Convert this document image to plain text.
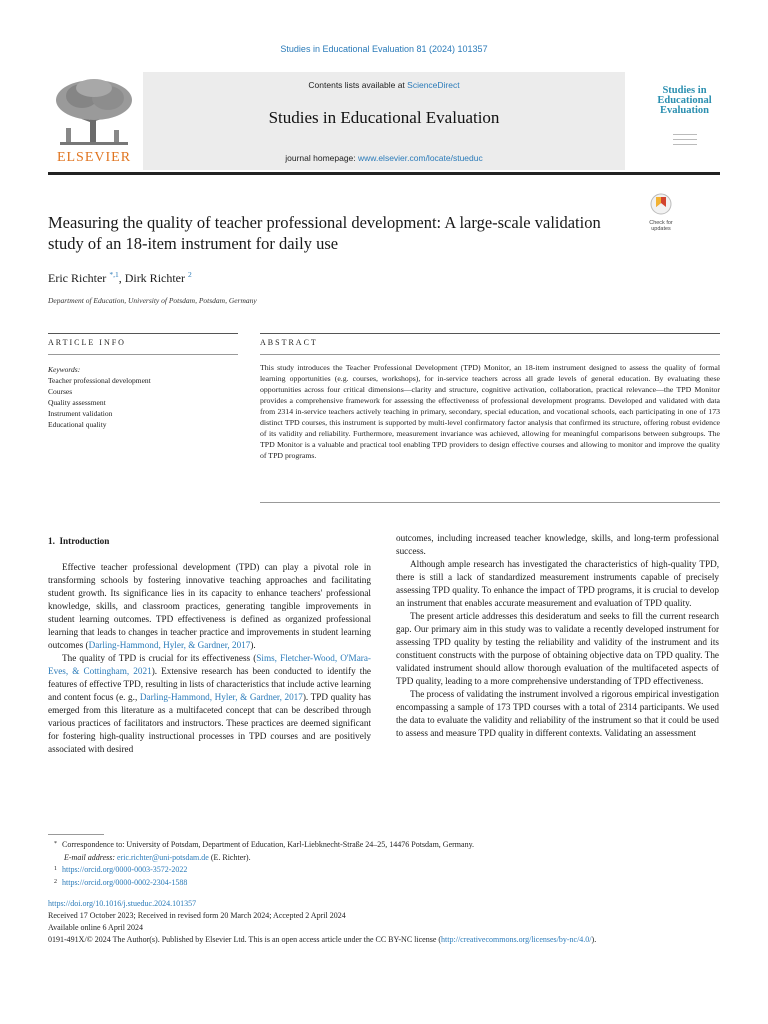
Studies in Educational Evaluation 81 (2024) 101357
ELSEVIER
Contents lists available at ScienceDirect
Studies in Educational Evaluation
journal homepage: www.elsevier.com/locate/stueduc
Studies in
Educational
Evaluation
Measuring the quality of teacher professional development: A large-scale validation study of an 18-item instrument for daily use
Check for
updates
Eric Richter $^{*,1}$, Dirk Richter $^2$
Department of Education, University of Potsdam, Potsdam, Germany
ARTICLE INFO	ABSTRACT
Keywords:
Teacher professional development
Courses
Quality assessment
Instrument validation
Educational quality
This study introduces the Teacher Professional Development (TPD) Monitor, an 18-item instrument designed to assess the quality of formal learning opportunities (e.g. courses, workshops), for in-service teachers across all grade levels of general education. By evaluating these opportunities across four critical dimensions—clarity and structure, cognitive activation, collaboration, practical relevance—the TPD Monitor provides a comprehensive framework for assessing the effectiveness of professional development programs. Developed and validated with data from 2314 in-service teachers actively teaching in primary, secondary, special education, and vocational schools, each participating in one of 173 distinct TPD courses, this instrument is supported by multi-level confirmatory factor analysis that confirmed its structure, offering robust evidence of its validity and reliability. Furthermore, measurement invariance was achieved, allowing for meaningful comparisons between subgroups. The TPD Monitor is a valuable and practical tool enabling TPD providers to design effective courses and allowing to monitor and improve the quality of TPD programs.
1. Introduction

Effective teacher professional development (TPD) can play a pivotal role in transforming schools by fostering innovative teaching approaches and facilitating student growth. Its significance lies in its capacity to enhance teachers' professional knowledge, skills, and classroom practices, generating tangible improvements in student learning outcomes. TPD effectiveness is defined as organized professional learning that leads to changes in teacher practice and improvements in student learning outcomes (Darling-Hammond, Hyler, & Gardner, 2017).

The quality of TPD is crucial for its effectiveness (Sims, Fletcher-Wood, O'Mara-Eves, & Cottingham, 2021). Extensive research has been conducted to identify the features of effective TPD, resulting in lists of characteristics that include active learning and content focus (e. g., Darling-Hammond, Hyler, & Gardner, 2017). TPD quality has emerged from this literature as a multifaceted concept that can be described through various practices of facilitators and instructors. These practices are deemed significant for fostering high-quality instructional processes in TPD courses and are positively associated with desired

outcomes, including increased teacher knowledge, skills, and long-term professional success.

Although ample research has investigated the characteristics of high-quality TPD, there is still a lack of standardized measurement instruments capable of precisely assessing TPD quality. To enhance the impact of TPD programs, it is crucial to develop an instrument that enables accurate measurement and evaluation of TPD quality.

The present article addresses this desideratum and seeks to fill the current research gap. Our primary aim in this study was to validate a recently developed instrument for assessing TPD quality by testing the reliability and validity of the instrument and its constituent constructs with the purpose of obtaining objective data on TPD quality. The validated instrument should allow thorough evaluation of the multifaceted aspects of TPD quality, leading to a more comprehensive understanding of TPD effectiveness.

The process of validating the instrument involved a rigorous empirical investigation encompassing a sample of 173 TPD courses with a total of 2314 participants. We used the data to evaluate the validity and reliability of the instrument so that it could be used to assess and measure TPD quality in different contexts. Validating an assessment

* Correspondence to: University of Potsdam, Department of Education, Karl-Liebknecht-Straße 24–25, 14476 Potsdam, Germany.
E-mail address: eric.richter@uni-potsdam.de (E. Richter).
1 https://orcid.org/0000-0003-3572-2022
2 https://orcid.org/0000-0002-2304-1588
https://doi.org/10.1016/j.stueduc.2024.101357
Received 17 October 2023; Received in revised form 20 March 2024; Accepted 2 April 2024
Available online 6 April 2024
0191-491X/© 2024 The Author(s). Published by Elsevier Ltd. This is an open access article under the CC BY-NC license (http://creativecommons.org/licenses/by-nc/4.0/).
